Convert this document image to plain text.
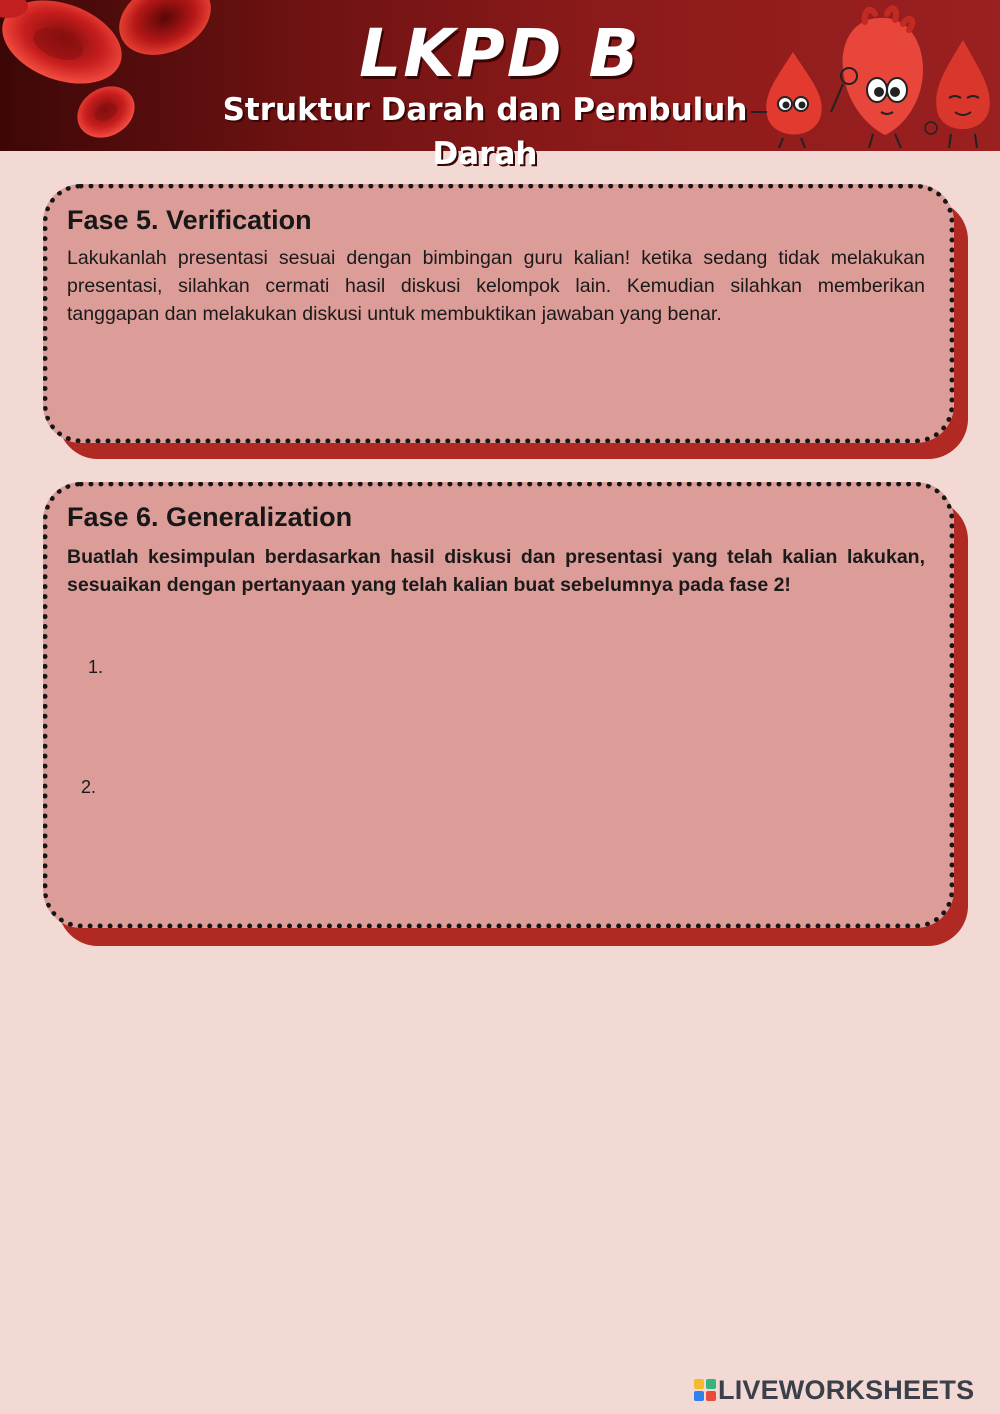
LKPD B
Struktur Darah dan Pembuluh Darah
Fase 5. Verification

Lakukanlah presentasi sesuai dengan bimbingan guru kalian! ketika sedang tidak melakukan presentasi, silahkan cermati hasil diskusi kelompok lain. Kemudian silahkan memberikan tanggapan dan melakukan diskusi untuk membuktikan jawaban yang benar.

Fase 6. Generalization

Buatlah kesimpulan berdasarkan hasil diskusi dan presentasi yang telah kalian lakukan, sesuaikan dengan pertanyaan yang telah kalian buat sebelumnya pada fase 2!

1.
2.
LIVEWORKSHEETS
